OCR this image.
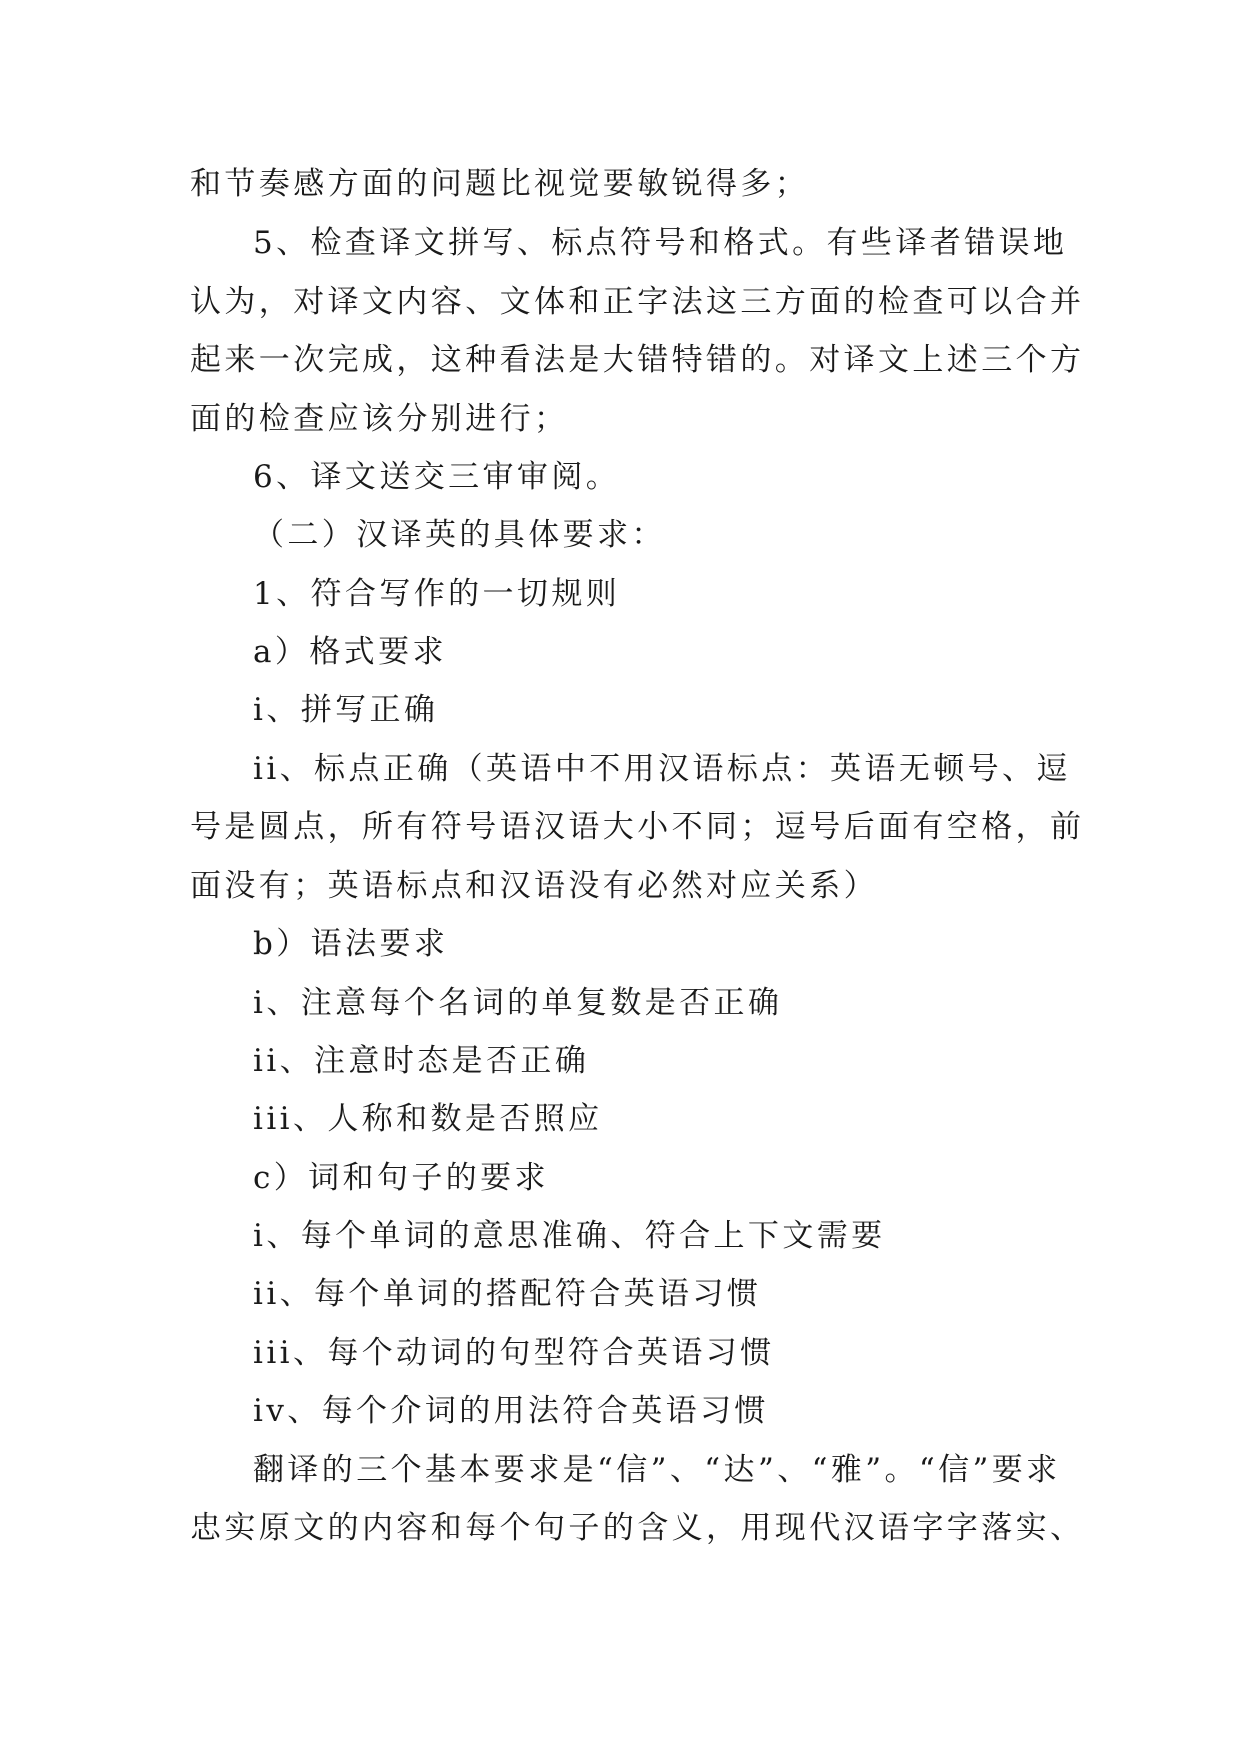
和节奏感方面的问题比视觉要敏锐得多；
5、检查译文拼写、标点符号和格式。有些译者错误地
认为，对译文内容、文体和正字法这三方面的检查可以合并
起来一次完成，这种看法是大错特错的。对译文上述三个方
面的检查应该分别进行；
6、译文送交三审审阅。
（二）汉译英的具体要求：
1、符合写作的一切规则
a）格式要求
i、拼写正确
ii、标点正确（英语中不用汉语标点：英语无顿号、逗
号是圆点，所有符号语汉语大小不同；逗号后面有空格，前
面没有；英语标点和汉语没有必然对应关系）
b）语法要求
i、注意每个名词的单复数是否正确
ii、注意时态是否正确
iii、人称和数是否照应
c）词和句子的要求
i、每个单词的意思准确、符合上下文需要
ii、每个单词的搭配符合英语习惯
iii、每个动词的句型符合英语习惯
iv、每个介词的用法符合英语习惯
翻译的三个基本要求是“信”、“达”、“雅”。“信”要求
忠实原文的内容和每个句子的含义，用现代汉语字字落实、
